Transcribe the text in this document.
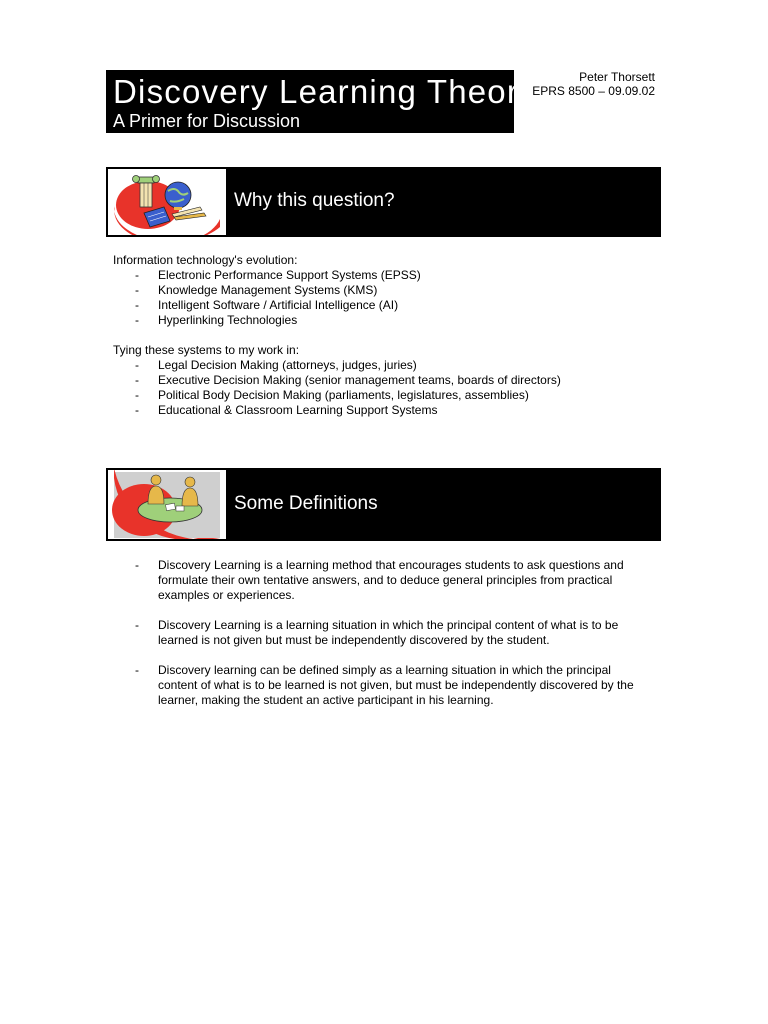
Discovery Learning Theory
A Primer for Discussion
Peter Thorsett
EPRS 8500 – 09.09.02
Why this question?

Information technology's evolution:

- Electronic Performance Support Systems (EPSS)
- Knowledge Management Systems (KMS)
- Intelligent Software / Artificial Intelligence (AI)
- Hyperlinking Technologies

Tying these systems to my work in:

- Legal Decision Making (attorneys, judges, juries)
- Executive Decision Making (senior management teams, boards of directors)
- Political Body Decision Making (parliaments, legislatures, assemblies)
- Educational & Classroom Learning Support Systems
Some Definitions
- Discovery Learning is a learning method that encourages students to ask questions and formulate their own tentative answers, and to deduce general principles from practical examples or experiences.
- Discovery Learning is a learning situation in which the principal content of what is to be learned is not given but must be independently discovered by the student.
- Discovery learning can be defined simply as a learning situation in which the principal content of what is to be learned is not given, but must be independently discovered by the learner, making the student an active participant in his learning.
